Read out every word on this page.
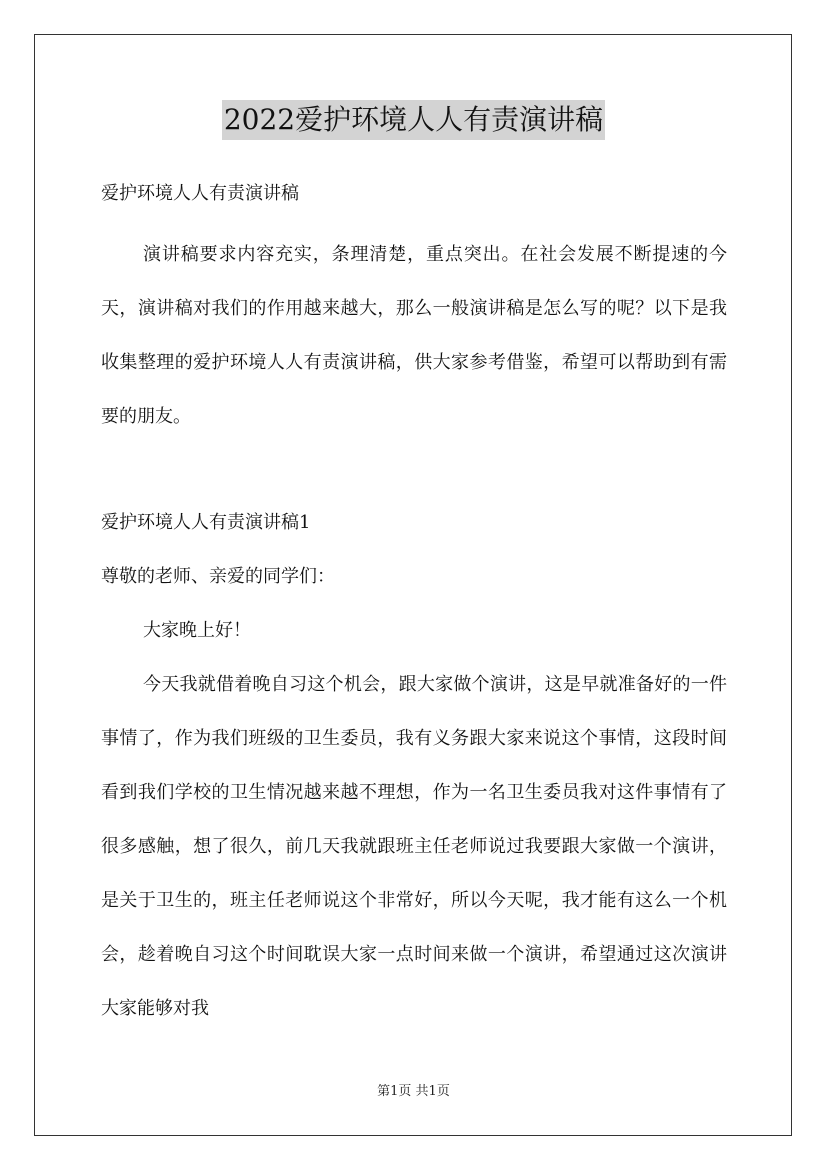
2022爱护环境人人有责演讲稿
爱护环境人人有责演讲稿

演讲稿要求内容充实，条理清楚，重点突出。在社会发展不断提速的今天，演讲稿对我们的作用越来越大，那么一般演讲稿是怎么写的呢？以下是我收集整理的爱护环境人人有责演讲稿，供大家参考借鉴，希望可以帮助到有需要的朋友。

爱护环境人人有责演讲稿1

尊敬的老师、亲爱的同学们：

大家晚上好！

今天我就借着晚自习这个机会，跟大家做个演讲，这是早就准备好的一件事情了，作为我们班级的卫生委员，我有义务跟大家来说这个事情，这段时间看到我们学校的卫生情况越来越不理想，作为一名卫生委员我对这件事情有了很多感触，想了很久，前几天我就跟班主任老师说过我要跟大家做一个演讲，是关于卫生的，班主任老师说这个非常好，所以今天呢，我才能有这么一个机会，趁着晚自习这个时间耽误大家一点时间来做一个演讲，希望通过这次演讲大家能够对我

第1页 共1页
